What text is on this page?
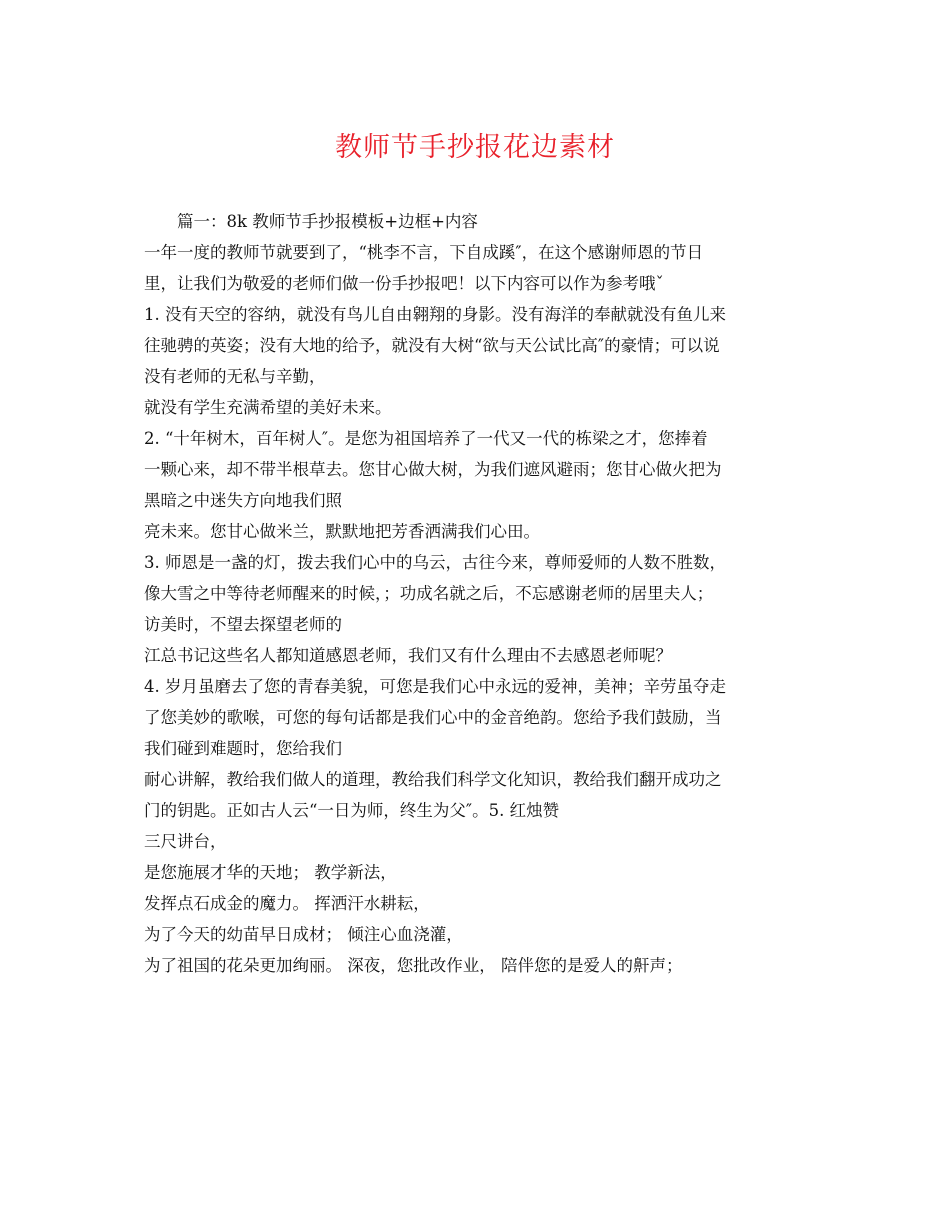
教师节手抄报花边素材
篇一：8k 教师节手抄报模板+边框+内容
一年一度的教师节就要到了，“桃李不言，下自成蹊″，在这个感谢师恩的节日
里，让我们为敬爱的老师们做一份手抄报吧！以下内容可以作为参考哦ˇ
1. 没有天空的容纳，就没有鸟儿自由翱翔的身影。没有海洋的奉献就没有鱼儿来
往驰骋的英姿；没有大地的给予，就没有大树“欲与天公试比高″的豪情；可以说
没有老师的无私与辛勤，
就没有学生充满希望的美好未来。
2. “十年树木，百年树人″。是您为祖国培养了一代又一代的栋梁之才，您捧着
一颗心来，却不带半根草去。您甘心做大树，为我们遮风避雨；您甘心做火把为
黑暗之中迷失方向地我们照
亮未来。您甘心做米兰，默默地把芳香洒满我们心田。
3. 师恩是一盏的灯，拨去我们心中的乌云，古往今来，尊师爱师的人数不胜数，
像大雪之中等待老师醒来的时候，；功成名就之后，不忘感谢老师的居里夫人；
访美时，不望去探望老师的
江总书记这些名人都知道感恩老师，我们又有什么理由不去感恩老师呢？
4. 岁月虽磨去了您的青春美貌，可您是我们心中永远的爱神，美神；辛劳虽夺走
了您美妙的歌喉，可您的每句话都是我们心中的金音绝韵。您给予我们鼓励，当
我们碰到难题时，您给我们
耐心讲解，教给我们做人的道理，教给我们科学文化知识，教给我们翻开成功之
门的钥匙。正如古人云“一日为师，终生为父″。5. 红烛赞
三尺讲台，
是您施展才华的天地； 教学新法，
发挥点石成金的魔力。 挥洒汗水耕耘，
为了今天的幼苗早日成材； 倾注心血浇灌，
为了祖国的花朵更加绚丽。 深夜，您批改作业， 陪伴您的是爱人的鼾声；
